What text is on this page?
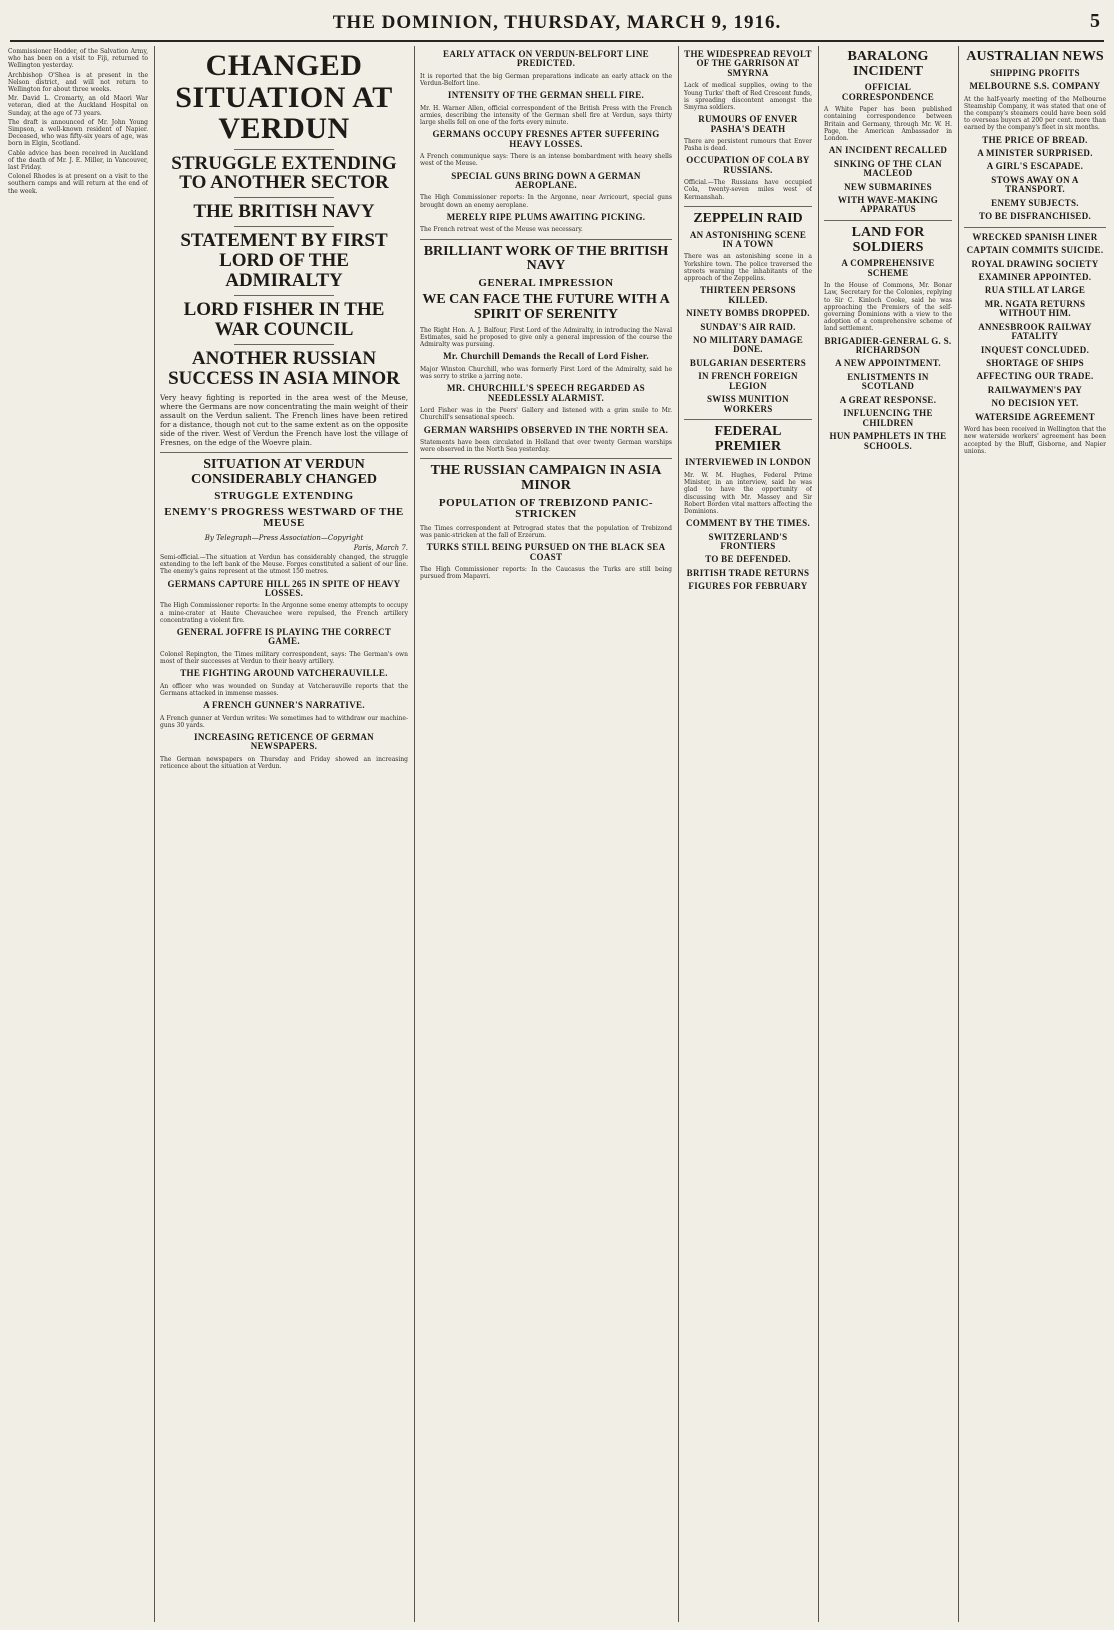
THE DOMINION, THURSDAY, MARCH 9, 1916.	5

Commissioner Hodder, of the Salvation Army, who has been on a visit to Fiji, returned to Wellington yesterday.

Archbishop O'Shea is at present in the Nelson district, and will not return to Wellington for about three weeks.

Mr. David L. Cromarty, an old Maori War veteran, died at the Auckland Hospital on Sunday, at the age of 73 years.

The draft is announced of Mr. John Young Simpson, a well-known resident of Napier. Deceased, who was fifty-six years of age, was born in Elgin, Scotland.

Cable advice has been received in Auckland of the death of Mr. J. E. Miller, in Vancouver, last Friday.

Colonel Rhodes is at present on a visit to the southern camps and will return at the end of the week.

CHANGED SITUATION AT VERDUN
STRUGGLE EXTENDING TO ANOTHER SECTOR
THE BRITISH NAVY
STATEMENT BY FIRST LORD OF THE ADMIRALTY
LORD FISHER IN THE WAR COUNCIL
ANOTHER RUSSIAN SUCCESS IN ASIA MINOR

Very heavy fighting is reported in the area west of the Meuse, where the Germans are now concentrating the main weight of their assault on the Verdun salient. The French lines have been retired for a distance, though not cut to the same extent as on the opposite side of the river. West of Verdun the French have lost the village of Fresnes, on the edge of the Woevre plain.

SITUATION AT VERDUN CONSIDERABLY CHANGED
STRUGGLE EXTENDING
ENEMY'S PROGRESS WESTWARD OF THE MEUSE
By Telegraph—Press Association—Copyright
Paris, March 7.

Semi-official.—The situation at Verdun has considerably changed, the struggle extending to the left bank of the Meuse. Forges constituted a salient of our line. The enemy's gains represent at the utmost 150 metres.

GERMANS CAPTURE HILL 265 IN SPITE OF HEAVY LOSSES.

The High Commissioner reports: In the Argonne some enemy attempts to occupy a mine-crater at Haute Chevauchee were repulsed, the French artillery concentrating a violent fire.

GENERAL JOFFRE IS PLAYING THE CORRECT GAME.

Colonel Repington, the Times military correspondent, says: The German's own most of their successes at Verdun to their heavy artillery.

THE FIGHTING AROUND VATCHERAUVILLE.

An officer who was wounded on Sunday at Vatcherauville reports that the Germans attacked in immense masses.

A FRENCH GUNNER'S NARRATIVE.

A French gunner at Verdun writes: We sometimes had to withdraw our machine-guns 30 yards.

INCREASING RETICENCE OF GERMAN NEWSPAPERS.

The German newspapers on Thursday and Friday showed an increasing reticence about the situation at Verdun.

EARLY ATTACK ON VERDUN-BELFORT LINE PREDICTED.

It is reported that the big German preparations indicate an early attack on the Verdun-Belfort line.

INTENSITY OF THE GERMAN SHELL FIRE.

Mr. H. Warner Allen, official correspondent of the British Press with the French armies, describing the intensity of the German shell fire at Verdun, says thirty large shells fell on one of the forts every minute.

GERMANS OCCUPY FRESNES AFTER SUFFERING HEAVY LOSSES.

A French communique says: There is an intense bombardment with heavy shells west of the Meuse.

SPECIAL GUNS BRING DOWN A GERMAN AEROPLANE.

The High Commissioner reports: In the Argonne, near Avricourt, special guns brought down an enemy aeroplane.

MERELY RIPE PLUMS AWAITING PICKING.

The French retreat west of the Meuse was necessary.

BRILLIANT WORK OF THE BRITISH NAVY
GENERAL IMPRESSION
WE CAN FACE THE FUTURE WITH A SPIRIT OF SERENITY

The Right Hon. A. J. Balfour, First Lord of the Admiralty, in introducing the Naval Estimates, said he proposed to give only a general impression of the course the Admiralty was pursuing.

Mr. Churchill Demands the Recall of Lord Fisher.

Major Winston Churchill, who was formerly First Lord of the Admiralty, said he was sorry to strike a jarring note.

MR. CHURCHILL'S SPEECH REGARDED AS NEEDLESSLY ALARMIST.

Lord Fisher was in the Peers' Gallery and listened with a grim smile to Mr. Churchill's sensational speech.

GERMAN WARSHIPS OBSERVED IN THE NORTH SEA.

Statements have been circulated in Holland that over twenty German warships were observed in the North Sea yesterday.

THE RUSSIAN CAMPAIGN IN ASIA MINOR
POPULATION OF TREBIZOND PANIC-STRICKEN

The Times correspondent at Petrograd states that the population of Trebizond was panic-stricken at the fall of Erzerum.

TURKS STILL BEING PURSUED ON THE BLACK SEA COAST

The High Commissioner reports: In the Caucasus the Turks are still being pursued from Mapavri.

THE WIDESPREAD REVOLT OF THE GARRISON AT SMYRNA

Lack of medical supplies, owing to the Young Turks' theft of Red Crescent funds, is spreading discontent amongst the Smyrna soldiers.

RUMOURS OF ENVER PASHA'S DEATH

There are persistent rumours that Enver Pasha is dead.

OCCUPATION OF COLA BY RUSSIANS.

Official.—The Russians have occupied Cola, twenty-seven miles west of Kermanshah.

ZEPPELIN RAID
AN ASTONISHING SCENE IN A TOWN

There was an astonishing scene in a Yorkshire town. The police traversed the streets warning the inhabitants of the approach of the Zeppelins.

THIRTEEN PERSONS KILLED.
NINETY BOMBS DROPPED.
SUNDAY'S AIR RAID.
NO MILITARY DAMAGE DONE.
BULGARIAN DESERTERS
IN FRENCH FOREIGN LEGION
SWISS MUNITION WORKERS
FEDERAL PREMIER
INTERVIEWED IN LONDON

Mr. W. M. Hughes, Federal Prime Minister, in an interview, said he was glad to have the opportunity of discussing with Mr. Massey and Sir Robert Borden vital matters affecting the Dominions.

COMMENT BY THE TIMES.
SWITZERLAND'S FRONTIERS
TO BE DEFENDED.
BRITISH TRADE RETURNS
FIGURES FOR FEBRUARY
BARALONG INCIDENT
OFFICIAL CORRESPONDENCE

A White Paper has been published containing correspondence between Britain and Germany, through Mr. W. H. Page, the American Ambassador in London.

AN INCIDENT RECALLED
SINKING OF THE CLAN MACLEOD
NEW SUBMARINES
WITH WAVE-MAKING APPARATUS
LAND FOR SOLDIERS
A COMPREHENSIVE SCHEME

In the House of Commons, Mr. Bonar Law, Secretary for the Colonies, replying to Sir C. Kinloch Cooke, said he was approaching the Premiers of the self-governing Dominions with a view to the adoption of a comprehensive scheme of land settlement.

BRIGADIER-GENERAL G. S. RICHARDSON
A NEW APPOINTMENT.
ENLISTMENTS IN SCOTLAND
A GREAT RESPONSE.
INFLUENCING THE CHILDREN
HUN PAMPHLETS IN THE SCHOOLS.
AUSTRALIAN NEWS
SHIPPING PROFITS
MELBOURNE S.S. COMPANY

At the half-yearly meeting of the Melbourne Steamship Company, it was stated that one of the company's steamers could have been sold to overseas buyers at 200 per cent. more than earned by the company's fleet in six months.

THE PRICE OF BREAD.
A MINISTER SURPRISED.
A GIRL'S ESCAPADE.
STOWS AWAY ON A TRANSPORT.
ENEMY SUBJECTS.
TO BE DISFRANCHISED.
WRECKED SPANISH LINER
CAPTAIN COMMITS SUICIDE.
ROYAL DRAWING SOCIETY
EXAMINER APPOINTED.
RUA STILL AT LARGE
MR. NGATA RETURNS WITHOUT HIM.
ANNESBROOK RAILWAY FATALITY
INQUEST CONCLUDED.
SHORTAGE OF SHIPS
AFFECTING OUR TRADE.
RAILWAYMEN'S PAY
NO DECISION YET.
WATERSIDE AGREEMENT

Word has been received in Wellington that the new waterside workers' agreement has been accepted by the Bluff, Gisborne, and Napier unions.
